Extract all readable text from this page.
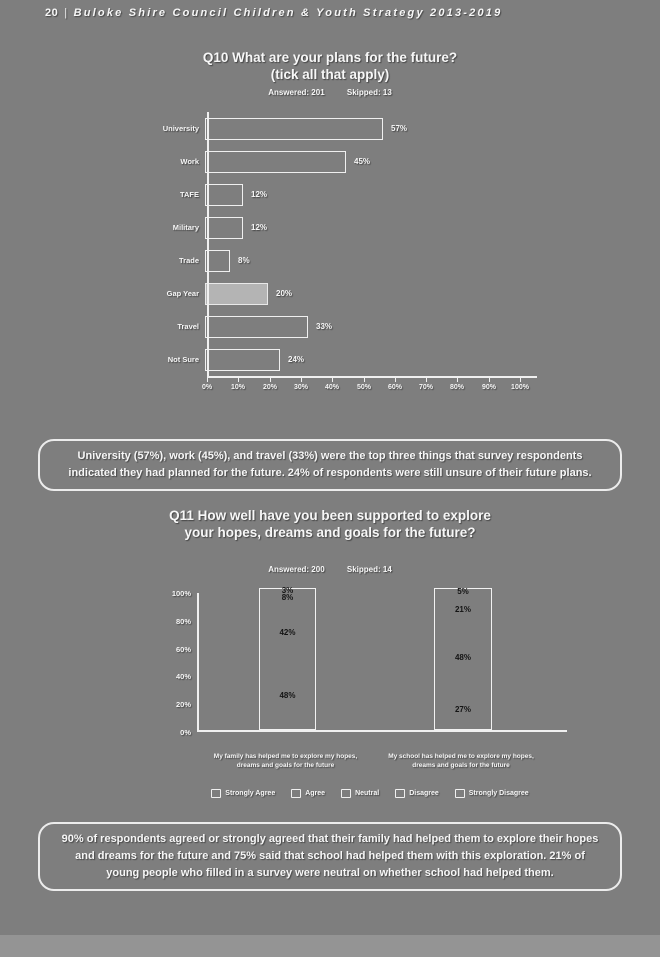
20 | Buloke Shire Council Children & Youth Strategy 2013-2019
Q10 What are your plans for the future?
(tick all that apply)
Answered: 201	Skipped: 13
University	57%
Work	45%
TAFE	12%
Military	12%
Trade	8%
Gap Year	20%
Travel	33%
Not Sure	24%
0%	10%	20%	30%	40%	50%	60%	70%	80%	90%	100%
University (57%), work (45%), and travel (33%) were the top three things that survey respondents indicated they had planned for the future. 24% of respondents were still unsure of their future plans.
Q11 How well have you been supported to explore your hopes, dreams and goals for the future?
Answered: 200	Skipped: 14
0%
20%
40%
60%
80%
100%
48%
42%
8%
3%
27%
48%
21%
5%
My family has helped me to explore my hopes, dreams and goals for the future
My school has helped me to explore my hopes, dreams and goals for the future
Strongly Agree	Agree	Neutral	Disagree	Strongly Disagree
90% of respondents agreed or strongly agreed that their family had helped them to explore their hopes and dreams for the future and 75% said that school had helped them with this exploration. 21% of young people who filled in a survey were neutral on whether school had helped them.
